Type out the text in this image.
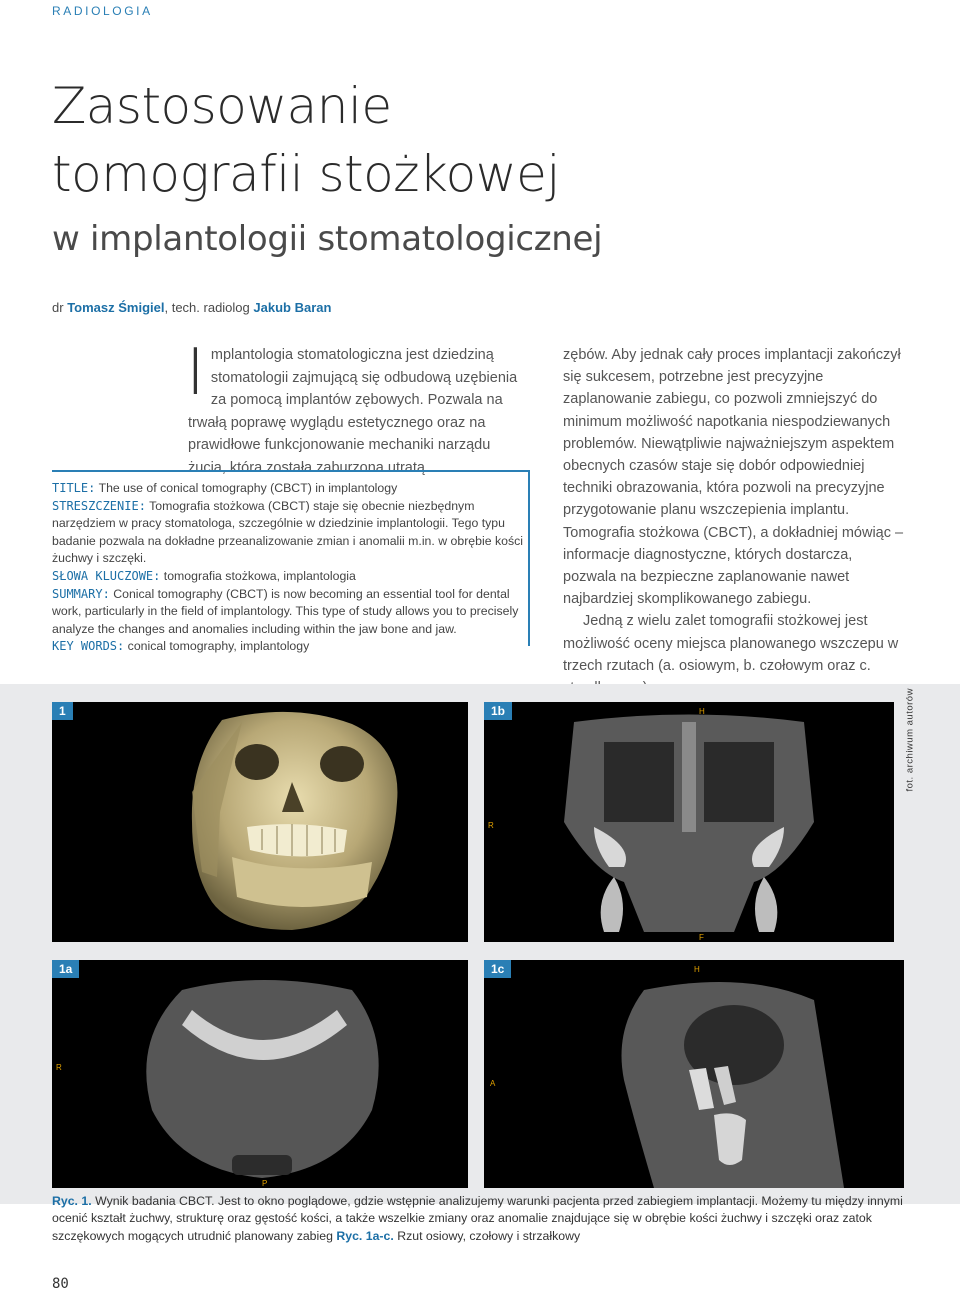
RADIOLOGIA
Zastosowanie
tomografii stożkowej
w implantologii stomatologicznej
dr Tomasz Śmigiel, tech. radiolog Jakub Baran
I mplantologia stomatologiczna jest dziedziną stomatologii zajmującą się odbudową uzębienia za pomocą implantów zębowych. Pozwala na trwałą poprawę wyglądu estetycznego oraz na prawidłowe funkcjonowanie mechaniki narządu żucia, która została zaburzona utratą
TITLE: The use of conical tomography (CBCT) in implantology
STRESZCZENIE: Tomografia stożkowa (CBCT) staje się obecnie niezbędnym narzędziem w pracy stomatologa, szczególnie w dziedzinie implantologii. Tego typu badanie pozwala na dokładne przeanalizowanie zmian i anomalii m.in. w obrębie kości żuchwy i szczęki.
SŁOWA KLUCZOWE: tomografia stożkowa, implantologia
SUMMARY: Conical tomography (CBCT) is now becoming an essential tool for dental work, particularly in the field of implantology. This type of study allows you to precisely analyze the changes and anomalies including within the jaw bone and jaw.
KEY WORDS: conical tomography, implantology

zębów. Aby jednak cały proces implantacji zakończył się sukcesem, potrzebne jest precyzyjne zaplanowanie zabiegu, co pozwoli zmniejszyć do minimum możliwość napotkania niespodziewanych problemów. Niewątpliwie najważniejszym aspektem obecnych czasów staje się dobór odpowiedniej techniki obrazowania, która pozwoli na precyzyjne przygotowanie planu wszczepienia implantu. Tomografia stożkowa (CBCT), a dokładniej mówiąc – informacje diagnostyczne, których dostarcza, pozwala na bezpieczne zaplanowanie nawet najbardziej skomplikowanego zabiegu.

Jedną z wielu zalet tomografii stożkowej jest możliwość oceny miejsca planowanego wszczepu w trzech rzutach (a. osiowym, b. czołowym oraz c.

1	1b	H
R
F
1a
R
P
1c	H
A
fot. archiwum autorów
Ryc. 1. Wynik badania CBCT. Jest to okno poglądowe, gdzie wstępnie analizujemy warunki pacjenta przed zabiegiem implantacji. Możemy tu między innymi ocenić kształt żuchwy, strukturę oraz gęstość kości, a także wszelkie zmiany oraz anomalie znajdujące się w obrębie kości żuchwy i szczęki oraz zatok szczękowych mogących utrudnić planowany zabieg Ryc. 1a-c. Rzut osiowy, czołowy i strzałkowy
80
